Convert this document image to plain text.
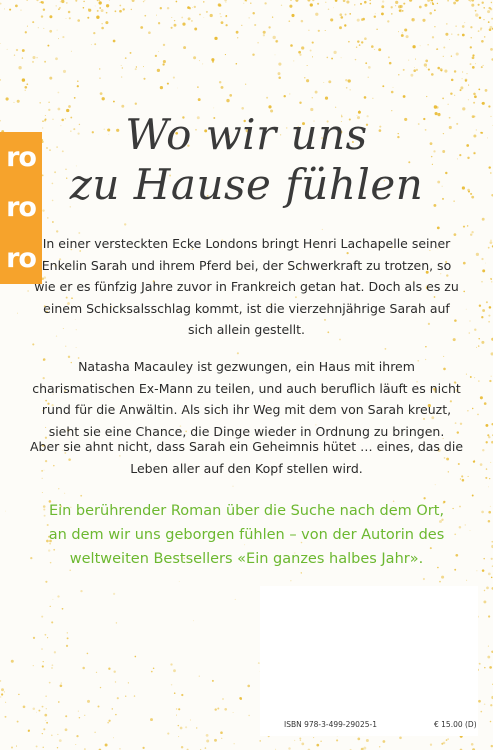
ro
ro
ro
Wo wir uns
zu Hause fühlen

In einer versteckten Ecke Londons bringt Henri Lachapelle seiner Enkelin Sarah und ihrem Pferd bei, der Schwerkraft zu trotzen, so wie er es fünfzig Jahre zuvor in Frankreich getan hat. Doch als es zu einem Schicksalsschlag kommt, ist die vierzehnjährige Sarah auf sich allein gestellt.

Natasha Macauley ist gezwungen, ein Haus mit ihrem charismatischen Ex-Mann zu teilen, und auch beruflich läuft es nicht rund für die Anwältin. Als sich ihr Weg mit dem von Sarah kreuzt, sieht sie eine Chance, die Dinge wieder in Ordnung zu bringen.

Aber sie ahnt nicht, dass Sarah ein Geheimnis hütet … eines, das die Leben aller auf den Kopf stellen wird.

Ein berührender Roman über die Suche nach dem Ort,
an dem wir uns geborgen fühlen – von der Autorin des
weltweiten Bestsellers «Ein ganzes halbes Jahr».
ISBN 978-3-499-29025-1	€ 15.00 (D)
